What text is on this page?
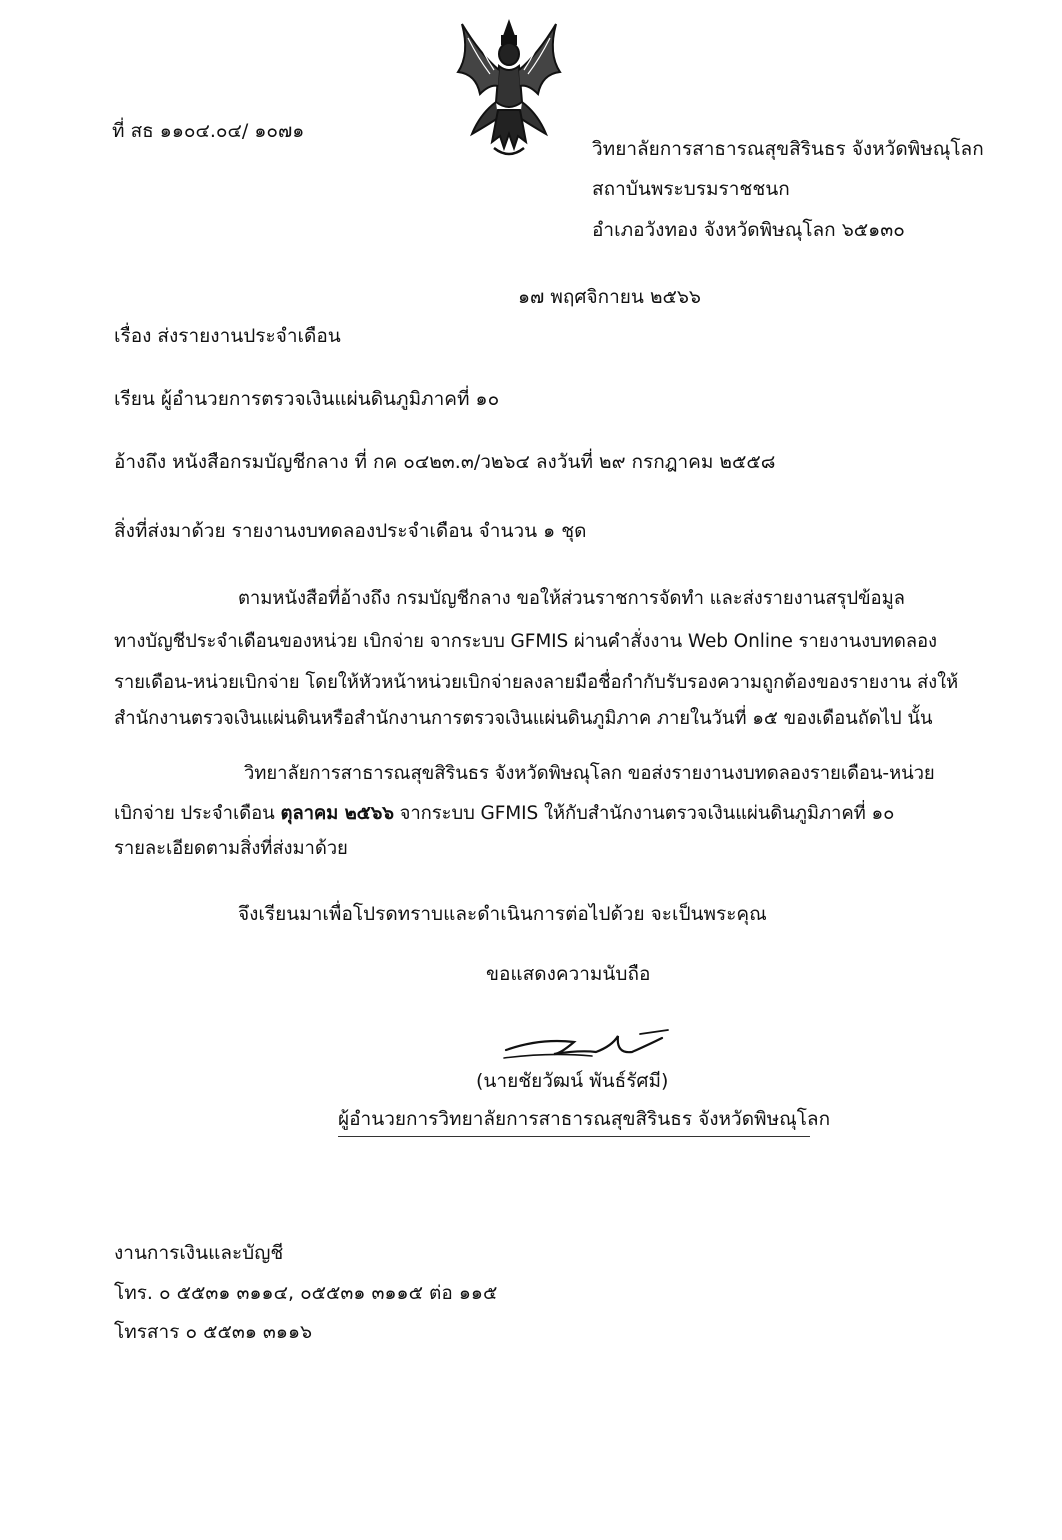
ที่ สธ ๑๑๐๔.๐๔/ ๑๐๗๑
วิทยาลัยการสาธารณสุขสิรินธร จังหวัดพิษณุโลก
สถาบันพระบรมราชชนก
อำเภอวังทอง จังหวัดพิษณุโลก ๖๕๑๓๐
๑๗ พฤศจิกายน ๒๕๖๖
เรื่อง ส่งรายงานประจำเดือน
เรียน ผู้อำนวยการตรวจเงินแผ่นดินภูมิภาคที่ ๑๐
อ้างถึง หนังสือกรมบัญชีกลาง ที่ กค ๐๔๒๓.๓/ว๒๖๔ ลงวันที่ ๒๙ กรกฎาคม ๒๕๕๘
สิ่งที่ส่งมาด้วย รายงานงบทดลองประจำเดือน จำนวน ๑ ชุด
ตามหนังสือที่อ้างถึง กรมบัญชีกลาง ขอให้ส่วนราชการจัดทำ และส่งรายงานสรุปข้อมูล
ทางบัญชีประจำเดือนของหน่วย เบิกจ่าย จากระบบ GFMIS ผ่านคำสั่งงาน Web Online รายงานงบทดลอง
รายเดือน-หน่วยเบิกจ่าย โดยให้หัวหน้าหน่วยเบิกจ่ายลงลายมือชื่อกำกับรับรองความถูกต้องของรายงาน ส่งให้
สำนักงานตรวจเงินแผ่นดินหรือสำนักงานการตรวจเงินแผ่นดินภูมิภาค ภายในวันที่ ๑๕ ของเดือนถัดไป นั้น
วิทยาลัยการสาธารณสุขสิรินธร จังหวัดพิษณุโลก ขอส่งรายงานงบทดลองรายเดือน-หน่วย
เบิกจ่าย ประจำเดือน ตุลาคม ๒๕๖๖ จากระบบ GFMIS ให้กับสำนักงานตรวจเงินแผ่นดินภูมิภาคที่ ๑๐
รายละเอียดตามสิ่งที่ส่งมาด้วย
จึงเรียนมาเพื่อโปรดทราบและดำเนินการต่อไปด้วย จะเป็นพระคุณ
ขอแสดงความนับถือ
(นายชัยวัฒน์ พันธ์รัศมี)
ผู้อำนวยการวิทยาลัยการสาธารณสุขสิรินธร จังหวัดพิษณุโลก
งานการเงินและบัญชี
โทร. ๐ ๕๕๓๑ ๓๑๑๔, ๐๕๕๓๑ ๓๑๑๕ ต่อ ๑๑๕
โทรสาร ๐ ๕๕๓๑ ๓๑๑๖
